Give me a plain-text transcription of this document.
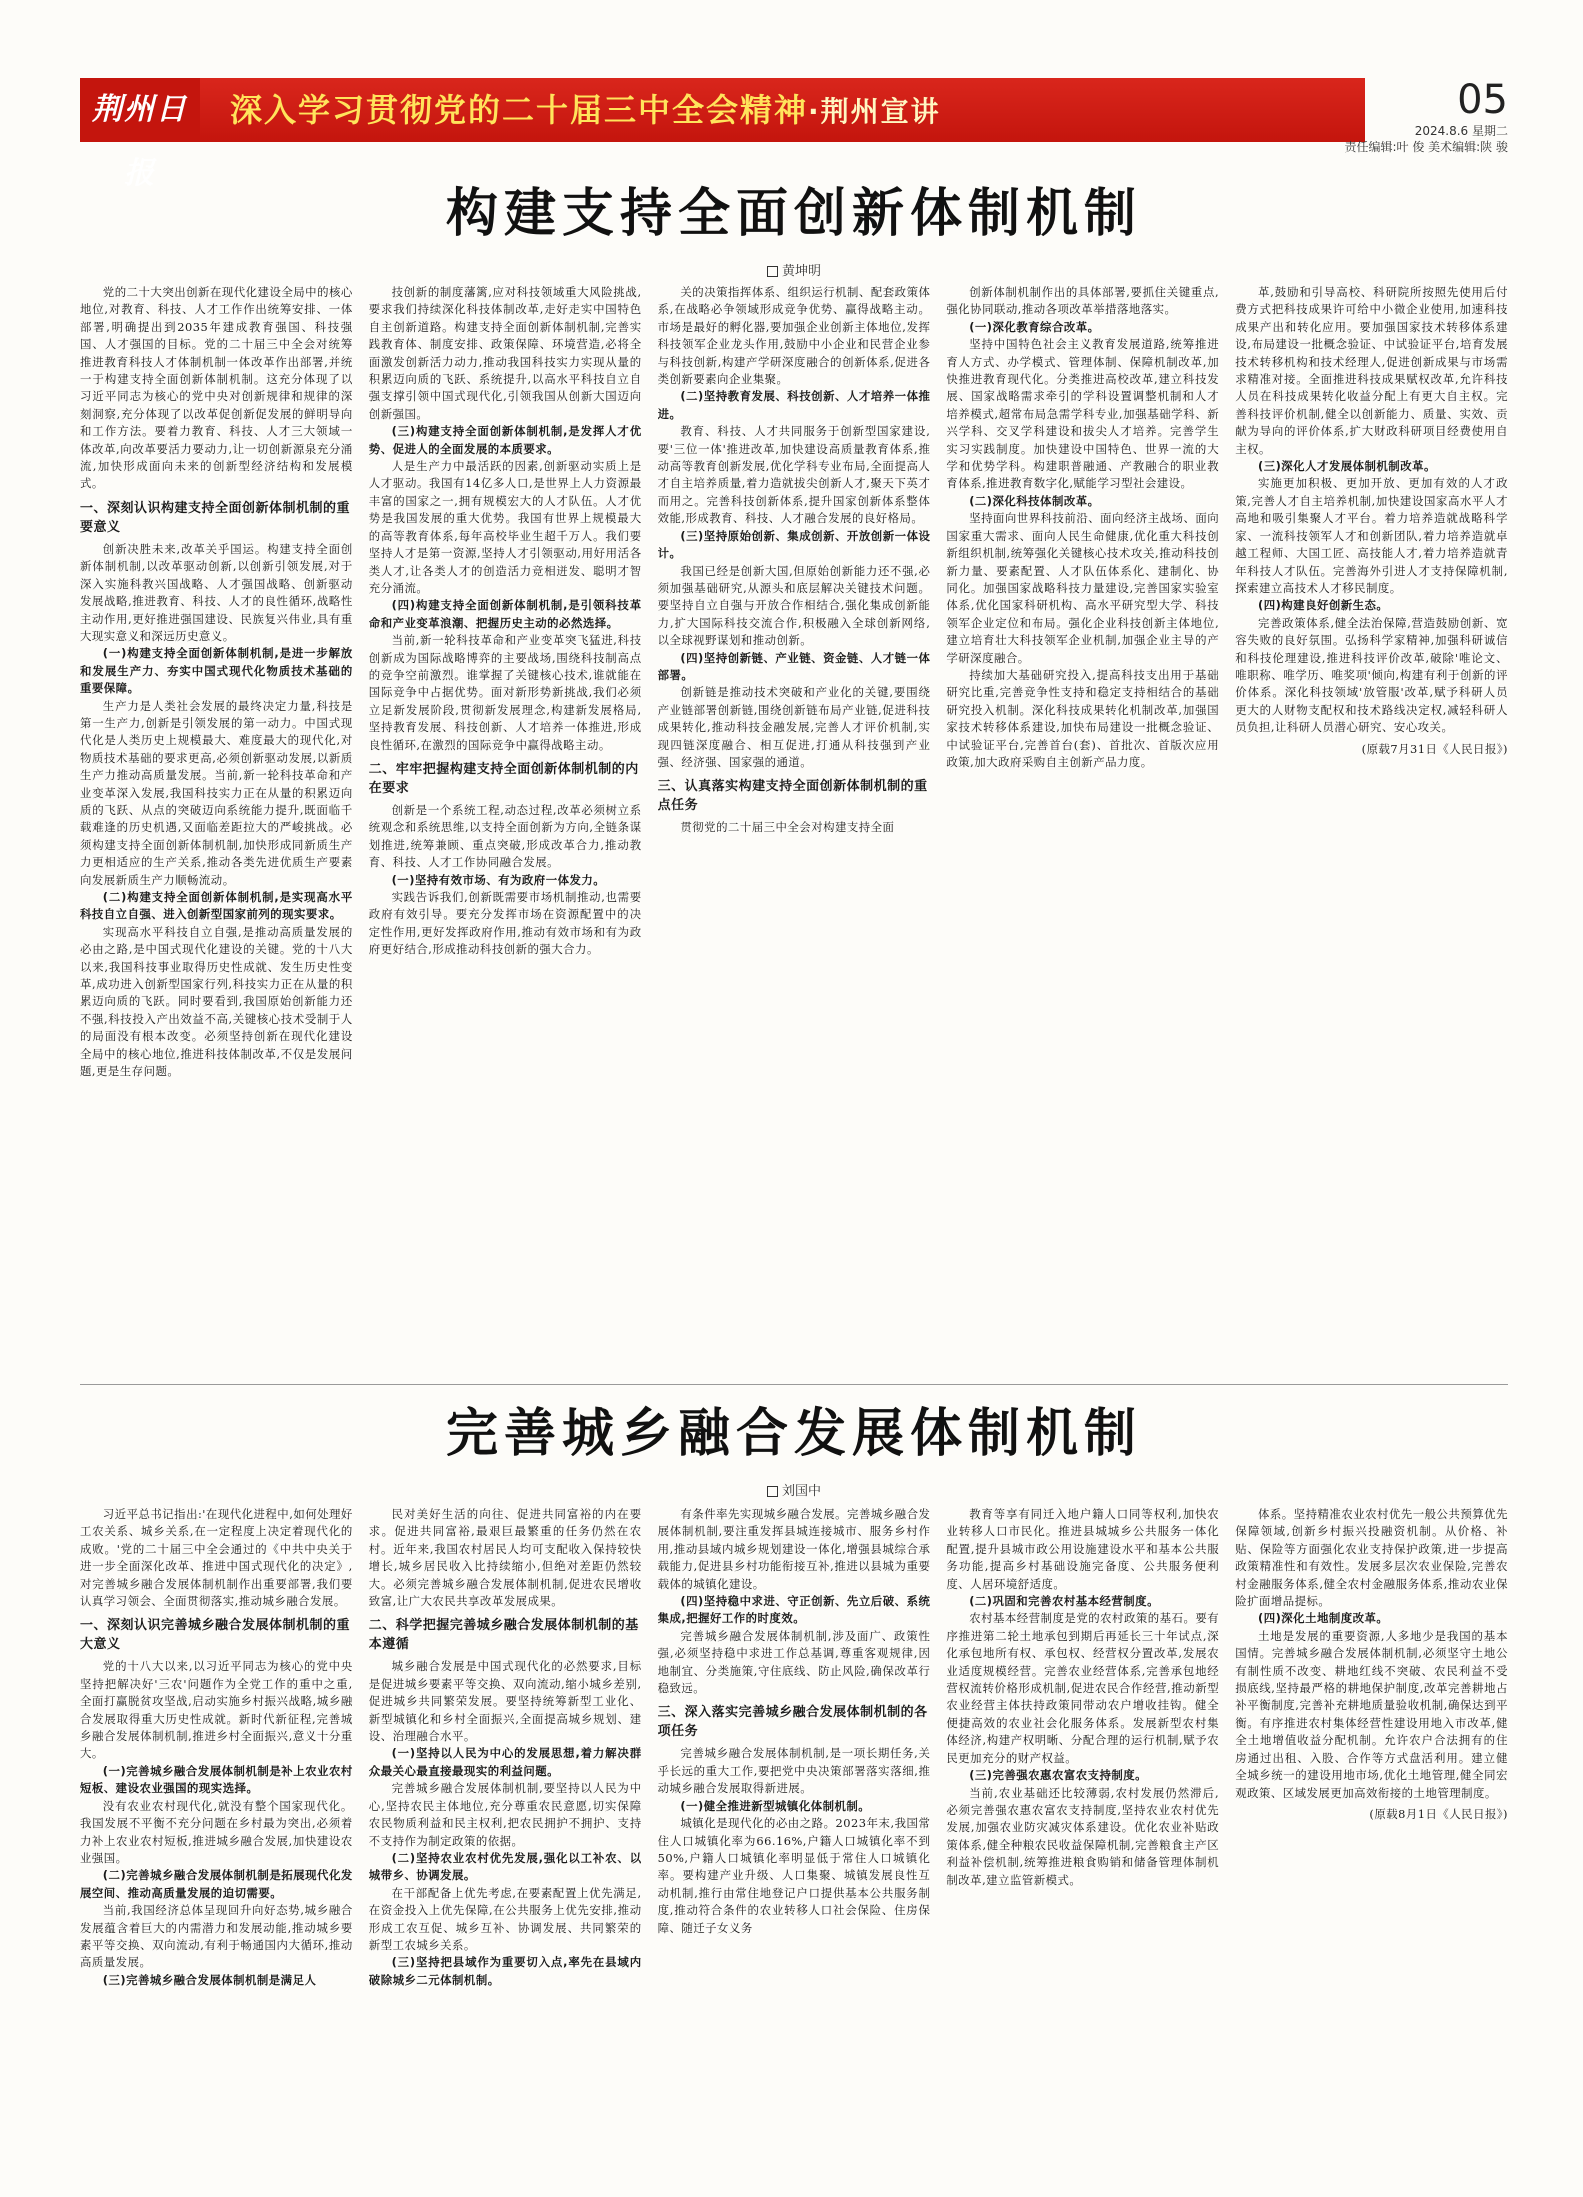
荆州日报
深入学习贯彻党的二十届三中全会精神·荆州宣讲	05
2024.8.6 星期二
责任编辑:叶 俊 美术编辑:陕 骏
构建支持全面创新体制机制
黄坤明

党的二十大突出创新在现代化建设全局中的核心地位,对教育、科技、人才工作作出统筹安排、一体部署,明确提出到2035年建成教育强国、科技强国、人才强国的目标。党的二十届三中全会对统筹推进教育科技人才体制机制一体改革作出部署,并统一于构建支持全面创新体制机制。这充分体现了以习近平同志为核心的党中央对创新规律和规律的深刻洞察,充分体现了以改革促创新促发展的鲜明导向和工作方法。要着力教育、科技、人才三大领域一体改革,向改革要活力要动力,让一切创新源泉充分涌流,加快形成面向未来的创新型经济结构和发展模式。

一、深刻认识构建支持全面创新体制机制的重要意义

创新决胜未来,改革关乎国运。构建支持全面创新体制机制,以改革驱动创新,以创新引领发展,对于深入实施科教兴国战略、人才强国战略、创新驱动发展战略,推进教育、科技、人才的良性循环,战略性主动作用,更好推进强国建设、民族复兴伟业,具有重大现实意义和深远历史意义。

(一)构建支持全面创新体制机制,是进一步解放和发展生产力、夯实中国式现代化物质技术基础的重要保障。

生产力是人类社会发展的最终决定力量,科技是第一生产力,创新是引领发展的第一动力。中国式现代化是人类历史上规模最大、难度最大的现代化,对物质技术基础的要求更高,必须创新驱动发展,以新质生产力推动高质量发展。当前,新一轮科技革命和产业变革深入发展,我国科技实力正在从量的积累迈向质的飞跃、从点的突破迈向系统能力提升,既面临千载难逢的历史机遇,又面临差距拉大的严峻挑战。必须构建支持全面创新体制机制,加快形成同新质生产力更相适应的生产关系,推动各类先进优质生产要素向发展新质生产力顺畅流动。

(二)构建支持全面创新体制机制,是实现高水平科技自立自强、进入创新型国家前列的现实要求。

实现高水平科技自立自强,是推动高质量发展的必由之路,是中国式现代化建设的关键。党的十八大以来,我国科技事业取得历史性成就、发生历史性变革,成功进入创新型国家行列,科技实力正在从量的积累迈向质的飞跃。同时要看到,我国原始创新能力还不强,科技投入产出效益不高,关键核心技术受制于人的局面没有根本改变。必须坚持创新在现代化建设全局中的核心地位,推进科技体制改革,不仅是发展问题,更是生存问题。

技创新的制度藩篱,应对科技领域重大风险挑战,要求我们持续深化科技体制改革,走好走实中国特色自主创新道路。构建支持全面创新体制机制,完善实践教育体、制度安排、政策保障、环境营造,必将全面激发创新活力动力,推动我国科技实力实现从量的积累迈向质的飞跃、系统提升,以高水平科技自立自强支撑引领中国式现代化,引领我国从创新大国迈向创新强国。

(三)构建支持全面创新体制机制,是发挥人才优势、促进人的全面发展的本质要求。

人是生产力中最活跃的因素,创新驱动实质上是人才驱动。我国有14亿多人口,是世界上人力资源最丰富的国家之一,拥有规模宏大的人才队伍。人才优势是我国发展的重大优势。我国有世界上规模最大的高等教育体系,每年高校毕业生超千万人。我们要坚持人才是第一资源,坚持人才引领驱动,用好用活各类人才,让各类人才的创造活力竞相迸发、聪明才智充分涌流。

(四)构建支持全面创新体制机制,是引领科技革命和产业变革浪潮、把握历史主动的必然选择。

当前,新一轮科技革命和产业变革突飞猛进,科技创新成为国际战略博弈的主要战场,围绕科技制高点的竞争空前激烈。谁掌握了关键核心技术,谁就能在国际竞争中占据优势。面对新形势新挑战,我们必须立足新发展阶段,贯彻新发展理念,构建新发展格局,坚持教育发展、科技创新、人才培养一体推进,形成良性循环,在激烈的国际竞争中赢得战略主动。

二、牢牢把握构建支持全面创新体制机制的内在要求

创新是一个系统工程,动态过程,改革必须树立系统观念和系统思维,以支持全面创新为方向,全链条谋划推进,统筹兼顾、重点突破,形成改革合力,推动教育、科技、人才工作协同融合发展。

(一)坚持有效市场、有为政府一体发力。

实践告诉我们,创新既需要市场机制推动,也需要政府有效引导。要充分发挥市场在资源配置中的决定性作用,更好发挥政府作用,推动有效市场和有为政府更好结合,形成推动科技创新的强大合力。

关的决策指挥体系、组织运行机制、配套政策体系,在战略必争领域形成竞争优势、赢得战略主动。市场是最好的孵化器,要加强企业创新主体地位,发挥科技领军企业龙头作用,鼓励中小企业和民营企业参与科技创新,构建产学研深度融合的创新体系,促进各类创新要素向企业集聚。

(二)坚持教育发展、科技创新、人才培养一体推进。

教育、科技、人才共同服务于创新型国家建设,要'三位一体'推进改革,加快建设高质量教育体系,推动高等教育创新发展,优化学科专业布局,全面提高人才自主培养质量,着力造就拔尖创新人才,聚天下英才而用之。完善科技创新体系,提升国家创新体系整体效能,形成教育、科技、人才融合发展的良好格局。

(三)坚持原始创新、集成创新、开放创新一体设计。

我国已经是创新大国,但原始创新能力还不强,必须加强基础研究,从源头和底层解决关键技术问题。要坚持自立自强与开放合作相结合,强化集成创新能力,扩大国际科技交流合作,积极融入全球创新网络,以全球视野谋划和推动创新。

(四)坚持创新链、产业链、资金链、人才链一体部署。

创新链是推动技术突破和产业化的关键,要围绕产业链部署创新链,围绕创新链布局产业链,促进科技成果转化,推动科技金融发展,完善人才评价机制,实现四链深度融合、相互促进,打通从科技强到产业强、经济强、国家强的通道。

三、认真落实构建支持全面创新体制机制的重点任务

贯彻党的二十届三中全会对构建支持全面

创新体制机制作出的具体部署,要抓住关键重点,强化协同联动,推动各项改革举措落地落实。

(一)深化教育综合改革。

坚持中国特色社会主义教育发展道路,统筹推进育人方式、办学模式、管理体制、保障机制改革,加快推进教育现代化。分类推进高校改革,建立科技发展、国家战略需求牵引的学科设置调整机制和人才培养模式,超常布局急需学科专业,加强基础学科、新兴学科、交叉学科建设和拔尖人才培养。完善学生实习实践制度。加快建设中国特色、世界一流的大学和优势学科。构建职普融通、产教融合的职业教育体系,推进教育数字化,赋能学习型社会建设。

(二)深化科技体制改革。

坚持面向世界科技前沿、面向经济主战场、面向国家重大需求、面向人民生命健康,优化重大科技创新组织机制,统筹强化关键核心技术攻关,推动科技创新力量、要素配置、人才队伍体系化、建制化、协同化。加强国家战略科技力量建设,完善国家实验室体系,优化国家科研机构、高水平研究型大学、科技领军企业定位和布局。强化企业科技创新主体地位,建立培育壮大科技领军企业机制,加强企业主导的产学研深度融合。

持续加大基础研究投入,提高科技支出用于基础研究比重,完善竞争性支持和稳定支持相结合的基础研究投入机制。深化科技成果转化机制改革,加强国家技术转移体系建设,加快布局建设一批概念验证、中试验证平台,完善首台(套)、首批次、首版次应用政策,加大政府采购自主创新产品力度。

革,鼓励和引导高校、科研院所按照先使用后付费方式把科技成果许可给中小微企业使用,加速科技成果产出和转化应用。要加强国家技术转移体系建设,布局建设一批概念验证、中试验证平台,培育发展技术转移机构和技术经理人,促进创新成果与市场需求精准对接。全面推进科技成果赋权改革,允许科技人员在科技成果转化收益分配上有更大自主权。完善科技评价机制,健全以创新能力、质量、实效、贡献为导向的评价体系,扩大财政科研项目经费使用自主权。

(三)深化人才发展体制机制改革。

实施更加积极、更加开放、更加有效的人才政策,完善人才自主培养机制,加快建设国家高水平人才高地和吸引集聚人才平台。着力培养造就战略科学家、一流科技领军人才和创新团队,着力培养造就卓越工程师、大国工匠、高技能人才,着力培养造就青年科技人才队伍。完善海外引进人才支持保障机制,探索建立高技术人才移民制度。

(四)构建良好创新生态。

完善政策体系,健全法治保障,营造鼓励创新、宽容失败的良好氛围。弘扬科学家精神,加强科研诚信和科技伦理建设,推进科技评价改革,破除'唯论文、唯职称、唯学历、唯奖项'倾向,构建有利于创新的评价体系。深化科技领域'放管服'改革,赋予科研人员更大的人财物支配权和技术路线决定权,减轻科研人员负担,让科研人员潜心研究、安心攻关。

(原载7月31日《人民日报》)

完善城乡融合发展体制机制
刘国中

习近平总书记指出:'在现代化进程中,如何处理好工农关系、城乡关系,在一定程度上决定着现代化的成败。'党的二十届三中全会通过的《中共中央关于进一步全面深化改革、推进中国式现代化的决定》,对完善城乡融合发展体制机制作出重要部署,我们要认真学习领会、全面贯彻落实,推动城乡融合发展。

一、深刻认识完善城乡融合发展体制机制的重大意义

党的十八大以来,以习近平同志为核心的党中央坚持把解决好'三农'问题作为全党工作的重中之重,全面打赢脱贫攻坚战,启动实施乡村振兴战略,城乡融合发展取得重大历史性成就。新时代新征程,完善城乡融合发展体制机制,推进乡村全面振兴,意义十分重大。

(一)完善城乡融合发展体制机制是补上农业农村短板、建设农业强国的现实选择。

没有农业农村现代化,就没有整个国家现代化。我国发展不平衡不充分问题在乡村最为突出,必须着力补上农业农村短板,推进城乡融合发展,加快建设农业强国。

(二)完善城乡融合发展体制机制是拓展现代化发展空间、推动高质量发展的迫切需要。

当前,我国经济总体呈现回升向好态势,城乡融合发展蕴含着巨大的内需潜力和发展动能,推动城乡要素平等交换、双向流动,有利于畅通国内大循环,推动高质量发展。

(三)完善城乡融合发展体制机制是满足人

民对美好生活的向往、促进共同富裕的内在要求。促进共同富裕,最艰巨最繁重的任务仍然在农村。近年来,我国农村居民人均可支配收入保持较快增长,城乡居民收入比持续缩小,但绝对差距仍然较大。必须完善城乡融合发展体制机制,促进农民增收致富,让广大农民共享改革发展成果。

二、科学把握完善城乡融合发展体制机制的基本遵循

城乡融合发展是中国式现代化的必然要求,目标是促进城乡要素平等交换、双向流动,缩小城乡差别,促进城乡共同繁荣发展。要坚持统筹新型工业化、新型城镇化和乡村全面振兴,全面提高城乡规划、建设、治理融合水平。

(一)坚持以人民为中心的发展思想,着力解决群众最关心最直接最现实的利益问题。

完善城乡融合发展体制机制,要坚持以人民为中心,坚持农民主体地位,充分尊重农民意愿,切实保障农民物质利益和民主权利,把农民拥护不拥护、支持不支持作为制定政策的依据。

(二)坚持农业农村优先发展,强化以工补农、以城带乡、协调发展。

在干部配备上优先考虑,在要素配置上优先满足,在资金投入上优先保障,在公共服务上优先安排,推动形成工农互促、城乡互补、协调发展、共同繁荣的新型工农城乡关系。

(三)坚持把县域作为重要切入点,率先在县域内破除城乡二元体制机制。

有条件率先实现城乡融合发展。完善城乡融合发展体制机制,要注重发挥县城连接城市、服务乡村作用,推动县域内城乡规划建设一体化,增强县城综合承载能力,促进县乡村功能衔接互补,推进以县城为重要载体的城镇化建设。

(四)坚持稳中求进、守正创新、先立后破、系统集成,把握好工作的时度效。

完善城乡融合发展体制机制,涉及面广、政策性强,必须坚持稳中求进工作总基调,尊重客观规律,因地制宜、分类施策,守住底线、防止风险,确保改革行稳致远。

三、深入落实完善城乡融合发展体制机制的各项任务

完善城乡融合发展体制机制,是一项长期任务,关乎长远的重大工作,要把党中央决策部署落实落细,推动城乡融合发展取得新进展。

(一)健全推进新型城镇化体制机制。

城镇化是现代化的必由之路。2023年末,我国常住人口城镇化率为66.16%,户籍人口城镇化率不到50%,户籍人口城镇化率明显低于常住人口城镇化率。要构建产业升级、人口集聚、城镇发展良性互动机制,推行由常住地登记户口提供基本公共服务制度,推动符合条件的农业转移人口社会保险、住房保障、随迁子女义务

教育等享有同迁入地户籍人口同等权利,加快农业转移人口市民化。推进县城城乡公共服务一体化配置,提升县城市政公用设施建设水平和基本公共服务功能,提高乡村基础设施完备度、公共服务便利度、人居环境舒适度。

(二)巩固和完善农村基本经营制度。

农村基本经营制度是党的农村政策的基石。要有序推进第二轮土地承包到期后再延长三十年试点,深化承包地所有权、承包权、经营权分置改革,发展农业适度规模经营。完善农业经营体系,完善承包地经营权流转价格形成机制,促进农民合作经营,推动新型农业经营主体扶持政策同带动农户增收挂钩。健全便捷高效的农业社会化服务体系。发展新型农村集体经济,构建产权明晰、分配合理的运行机制,赋予农民更加充分的财产权益。

(三)完善强农惠农富农支持制度。

当前,农业基础还比较薄弱,农村发展仍然滞后,必须完善强农惠农富农支持制度,坚持农业农村优先发展,加强农业防灾减灾体系建设。优化农业补贴政策体系,健全种粮农民收益保障机制,完善粮食主产区利益补偿机制,统筹推进粮食购销和储备管理体制机制改革,建立监管新模式。

体系。坚持精准农业农村优先一般公共预算优先保障领域,创新乡村振兴投融资机制。从价格、补贴、保险等方面强化农业支持保护政策,进一步提高政策精准性和有效性。发展多层次农业保险,完善农村金融服务体系,健全农村金融服务体系,推动农业保险扩面增品提标。

(四)深化土地制度改革。

土地是发展的重要资源,人多地少是我国的基本国情。完善城乡融合发展体制机制,必须坚守土地公有制性质不改变、耕地红线不突破、农民利益不受损底线,坚持最严格的耕地保护制度,改革完善耕地占补平衡制度,完善补充耕地质量验收机制,确保达到平衡。有序推进农村集体经营性建设用地入市改革,健全土地增值收益分配机制。允许农户合法拥有的住房通过出租、入股、合作等方式盘活利用。建立健全城乡统一的建设用地市场,优化土地管理,健全同宏观政策、区域发展更加高效衔接的土地管理制度。

(原载8月1日《人民日报》)
